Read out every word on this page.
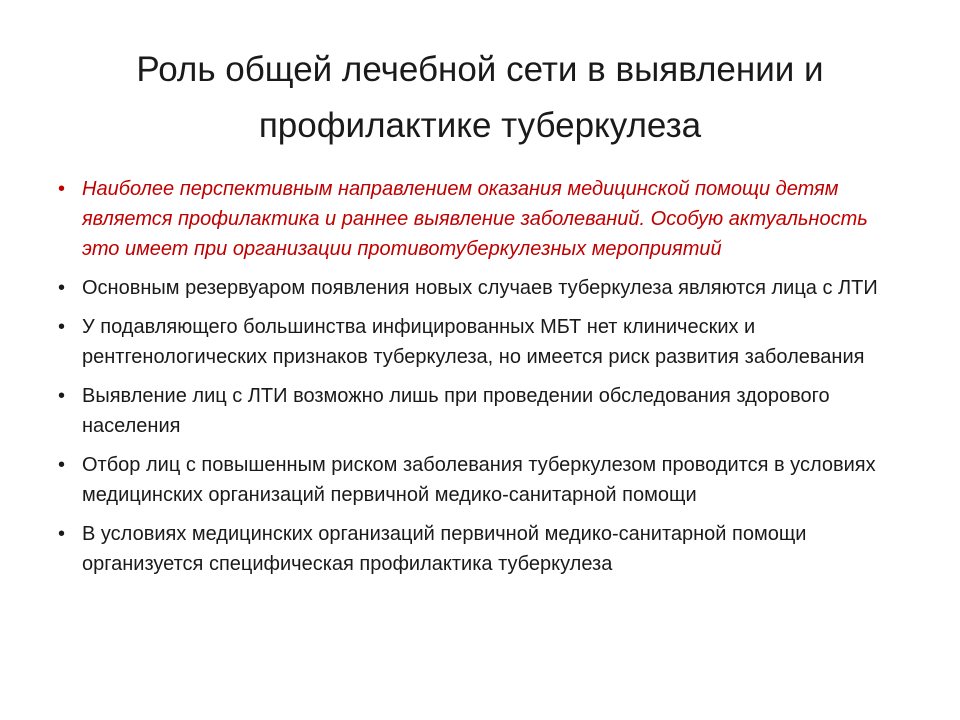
Роль общей лечебной сети в выявлении и
профилактике туберкулеза
• Наиболее перспективным направлением оказания медицинской помощи детям является профилактика и раннее выявление заболеваний. Особую актуальность это имеет при организации противотуберкулезных мероприятий
• Основным резервуаром появления новых случаев туберкулеза являются лица с ЛТИ
• У подавляющего большинства инфицированных МБТ нет клинических и рентгенологических признаков туберкулеза, но имеется риск развития заболевания
• Выявление лиц с ЛТИ возможно лишь при проведении обследования здорового населения
• Отбор лиц с повышенным риском заболевания туберкулезом проводится в условиях медицинских организаций первичной медико-санитарной помощи
• В условиях медицинских организаций первичной медико-санитарной помощи организуется специфическая профилактика туберкулеза
